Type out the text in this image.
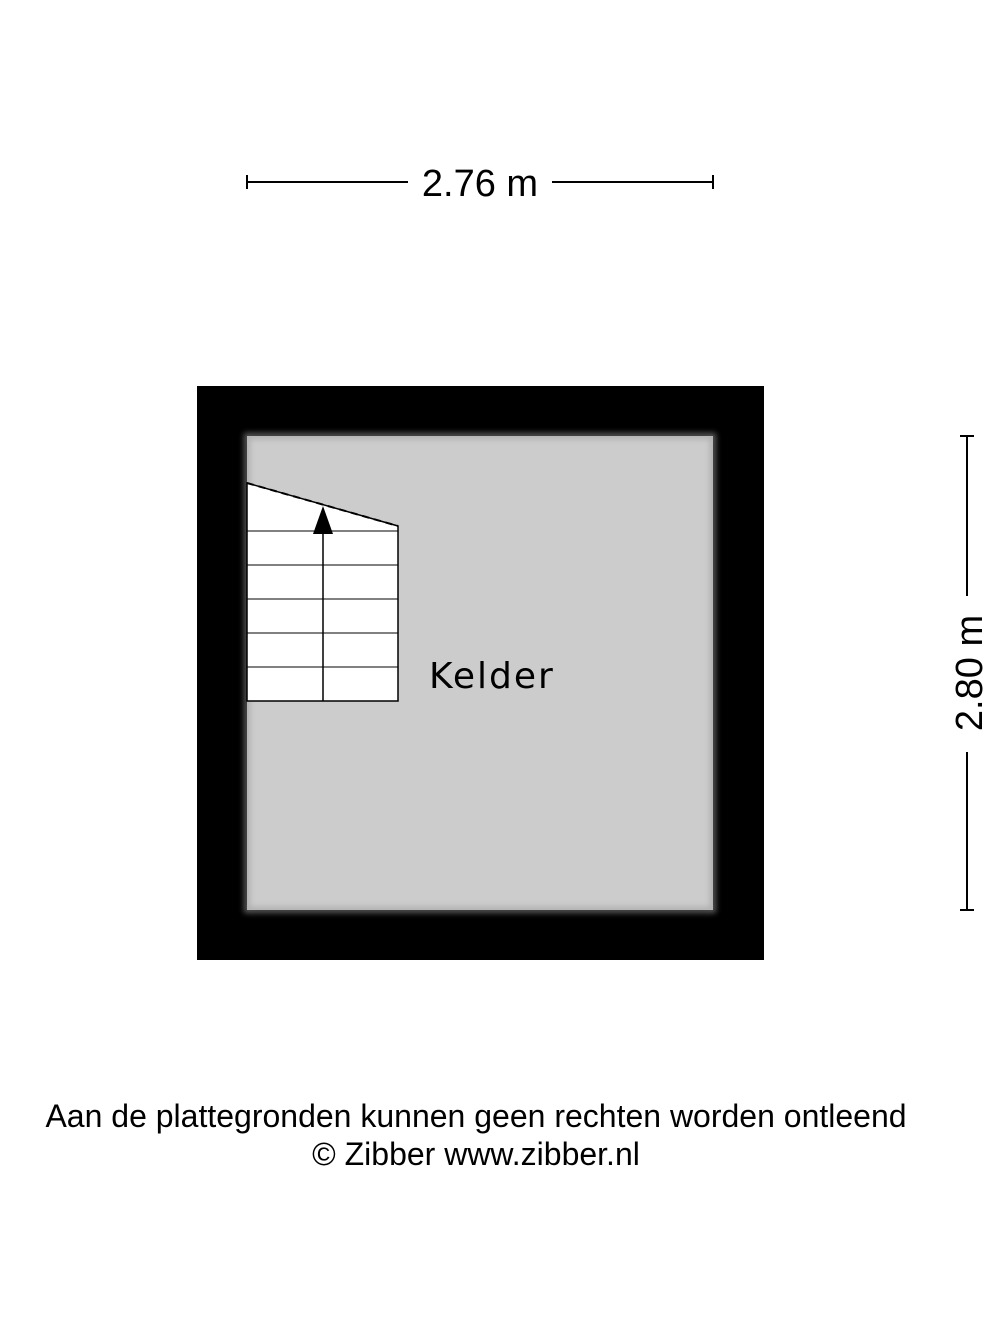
2.76 m
2.80 m
Kelder
Aan de plattegronden kunnen geen rechten worden ontleend
© Zibber www.zibber.nl
